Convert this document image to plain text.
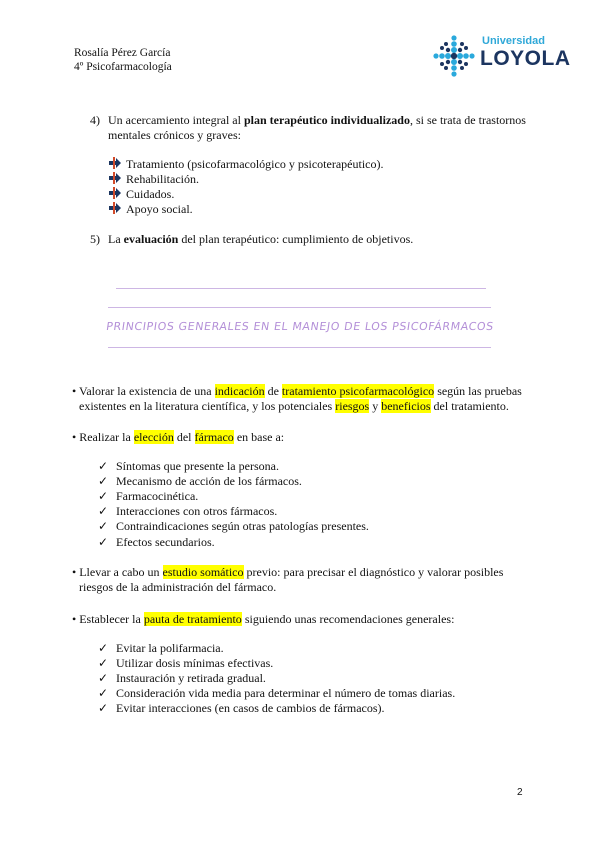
Rosalía Pérez García
4º Psicofarmacología
Universidad
LOYOLA
4) Un acercamiento integral al plan terapéutico individualizado, si se trata de trastornos
mentales crónicos y graves:
Tratamiento (psicofarmacológico y psicoterapéutico).
Rehabilitación.
Cuidados.
Apoyo social.
5) La evaluación del plan terapéutico: cumplimiento de objetivos.
PRINCIPIOS GENERALES EN EL MANEJO DE LOS PSICOFÁRMACOS
• Valorar la existencia de una indicación de tratamiento psicofarmacológico según las pruebas
existentes en la literatura científica, y los potenciales riesgos y beneficios del tratamiento.
• Realizar la elección del fármaco en base a:
✓ Síntomas que presente la persona.
✓ Mecanismo de acción de los fármacos.
✓ Farmacocinética.
✓ Interacciones con otros fármacos.
✓ Contraindicaciones según otras patologías presentes.
✓ Efectos secundarios.
• Llevar a cabo un estudio somático previo: para precisar el diagnóstico y valorar posibles
riesgos de la administración del fármaco.
• Establecer la pauta de tratamiento siguiendo unas recomendaciones generales:
✓ Evitar la polifarmacia.
✓ Utilizar dosis mínimas efectivas.
✓ Instauración y retirada gradual.
✓ Consideración vida media para determinar el número de tomas diarias.
✓ Evitar interacciones (en casos de cambios de fármacos).
2
